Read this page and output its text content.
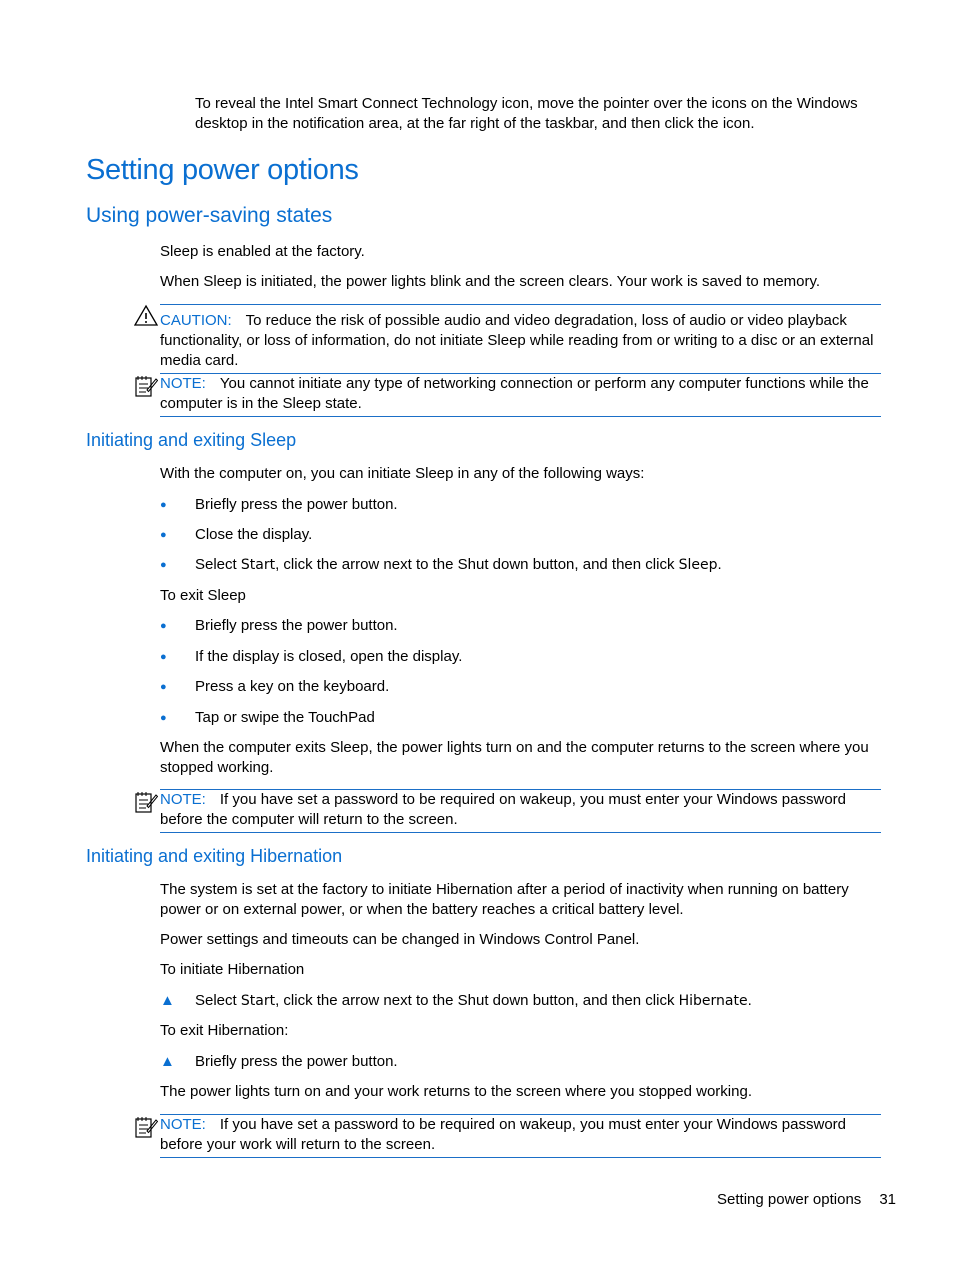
To reveal the Intel Smart Connect Technology icon, move the pointer over the icons on the Windows desktop in the notification area, at the far right of the taskbar, and then click the icon.

Setting power options
Using power-saving states

Sleep is enabled at the factory.

When Sleep is initiated, the power lights blink and the screen clears. Your work is saved to memory.

CAUTION: To reduce the risk of possible audio and video degradation, loss of audio or video playback functionality, or loss of information, do not initiate Sleep while reading from or writing to a disc or an external media card.
NOTE: You cannot initiate any type of networking connection or perform any computer functions while the computer is in the Sleep state.
Initiating and exiting Sleep

With the computer on, you can initiate Sleep in any of the following ways:

●	Briefly press the power button.
●	Close the display.
●	Select Start, click the arrow next to the Shut down button, and then click Sleep.

To exit Sleep

●	Briefly press the power button.
●	If the display is closed, open the display.
●	Press a key on the keyboard.
●	Tap or swipe the TouchPad

When the computer exits Sleep, the power lights turn on and the computer returns to the screen where you stopped working.

NOTE: If you have set a password to be required on wakeup, you must enter your Windows password before the computer will return to the screen.
Initiating and exiting Hibernation

The system is set at the factory to initiate Hibernation after a period of inactivity when running on battery power or on external power, or when the battery reaches a critical battery level.

Power settings and timeouts can be changed in Windows Control Panel.

To initiate Hibernation

▲ Select Start, click the arrow next to the Shut down button, and then click Hibernate.

To exit Hibernation:

▲ Briefly press the power button.

The power lights turn on and your work returns to the screen where you stopped working.

NOTE: If you have set a password to be required on wakeup, you must enter your Windows password before your work will return to the screen.
Setting power options 31
